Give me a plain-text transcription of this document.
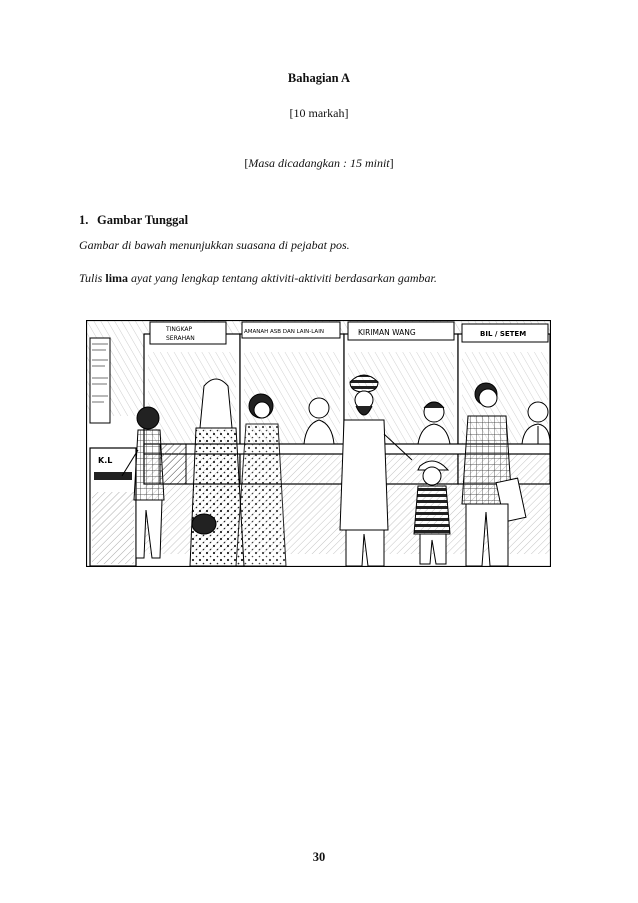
Bahagian A
[10 markah]
[Masa dicadangkan : 15 minit]
1. Gambar Tunggal
Gambar di bawah menunjukkan suasana di pejabat pos.
Tulis lima ayat yang lengkap tentang aktiviti-aktiviti berdasarkan gambar.
TINGKAP
SERAHAN
AMANAH ASB DAN LAIN-LAIN	KIRIMAN WANG	BIL / SETEM
K.L
30
